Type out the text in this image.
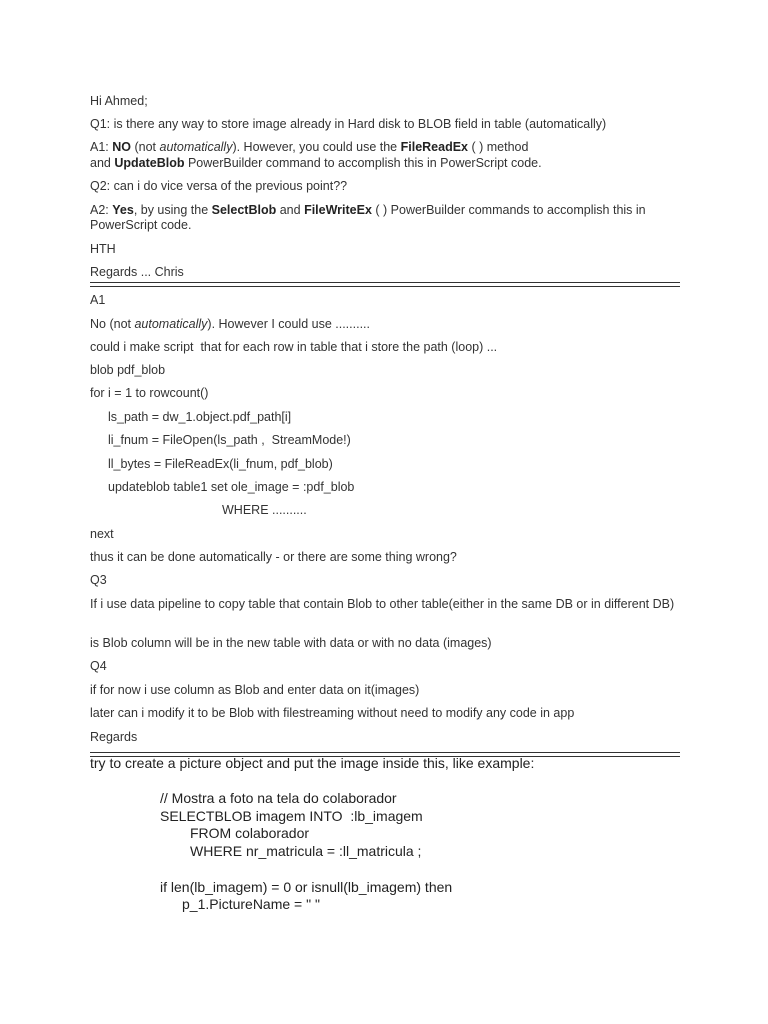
Hi Ahmed;
Q1: is there any way to store image already in Hard disk to BLOB field in table (automatically)
A1: NO (not automatically). However, you could use the FileReadEx ( ) method
and UpdateBlob PowerBuilder command to accomplish this in PowerScript code.
Q2: can i do vice versa of the previous point??
A2: Yes, by using the SelectBlob and FileWriteEx ( ) PowerBuilder commands to accomplish this in PowerScript code.
HTH
Regards ... Chris
A1
No (not automatically). However I could use ..........
could i make script  that for each row in table that i store the path (loop) ...
blob pdf_blob
for i = 1 to rowcount()
ls_path = dw_1.object.pdf_path[i]
li_fnum = FileOpen(ls_path ,  StreamMode!)
ll_bytes = FileReadEx(li_fnum, pdf_blob)
updateblob table1 set ole_image = :pdf_blob
WHERE ..........
next
thus it can be done automatically - or there are some thing wrong?
Q3
If i use data pipeline to copy table that contain Blob to other table(either in the same DB or in different DB)
is Blob column will be in the new table with data or with no data (images)
Q4
if for now i use column as Blob and enter data on it(images)
later can i modify it to be Blob with filestreaming without need to modify any code in app
Regards
try to create a picture object and put the image inside this, like example:
// Mostra a foto na tela do colaborador
SELECTBLOB imagem INTO  :lb_imagem
FROM colaborador
WHERE nr_matricula = :ll_matricula ;
if len(lb_imagem) = 0 or isnull(lb_imagem) then
p_1.PictureName = " "
